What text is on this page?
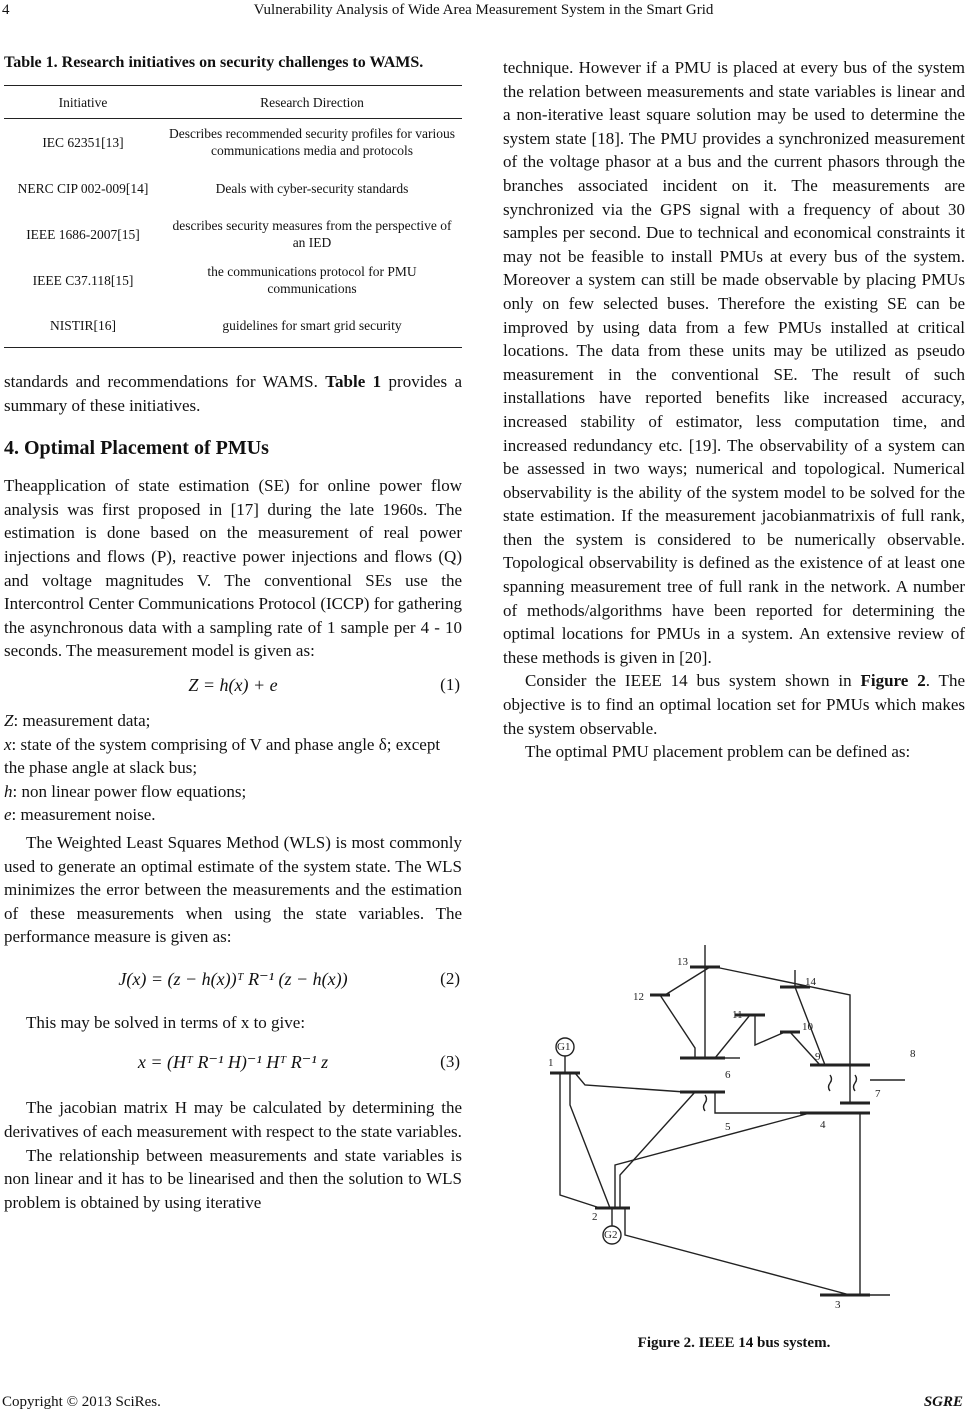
4	Vulnerability Analysis of Wide Area Measurement System in the Smart Grid
Table 1. Research initiatives on security challenges to WAMS.
Initiative	Research Direction
IEC 62351[13]	Describes recommended security profiles for various communications media and protocols
NERC CIP 002-009[14]	Deals with cyber-security standards
IEEE 1686-2007[15]	describes security measures from the perspective of an IED
IEEE C37.118[15]	the communications protocol for PMU communications
NISTIR[16]	guidelines for smart grid security

standards and recommendations for WAMS. Table 1 provides a summary of these initiatives.

4. Optimal Placement of PMUs

Theapplication of state estimation (SE) for online power flow analysis was first proposed in [17] during the late 1960s. The estimation is done based on the measurement of real power injections and flows (P), reactive power injections and flows (Q) and voltage magnitudes V. The conventional SEs use the Intercontrol Center Communications Protocol (ICCP) for gathering the asynchronous data with a sampling rate of 1 sample per 4 - 10 seconds. The measurement model is given as:

Z = h(x) + e	(1)

Z: measurement data;

x: state of the system comprising of V and phase angle δ; except the phase angle at slack bus;

h: non linear power flow equations;

e: measurement noise.

The Weighted Least Squares Method (WLS) is most commonly used to generate an optimal estimate of the system state. The WLS minimizes the error between the measurements and the estimation of these measurements when using the state variables. The performance measure is given as:

J(x) = (z − h(x))ᵀ R⁻¹ (z − h(x))	(2)

This may be solved in terms of x to give:

x = (Hᵀ R⁻¹ H)⁻¹ Hᵀ R⁻¹ z	(3)

The jacobian matrix H may be calculated by determining the derivatives of each measurement with respect to the state variables.

The relationship between measurements and state variables is non linear and it has to be linearised and then the solution to WLS problem is obtained by using iterative

technique. However if a PMU is placed at every bus of the system the relation between measurements and state variables is linear and a non-iterative least square solution may be used to determine the system state [18]. The PMU provides a synchronized measurement of the voltage phasor at a bus and the current phasors through the branches associated incident on it. The measurements are synchronized via the GPS signal with a frequency of about 30 samples per second. Due to technical and economical constraints it may not be feasible to install PMUs at every bus of the system. Moreover a system can still be made observable by placing PMUs only on few selected buses. Therefore the existing SE can be improved by using data from a few PMUs installed at critical locations. The data from these units may be utilized as pseudo measurement in the conventional SE. The result of such installations have reported benefits like increased accuracy, increased stability of estimator, less computation time, and increased redundancy etc. [19]. The observability of a system can be assessed in two ways; numerical and topological. Numerical observability is the ability of the system model to be solved for the state estimation. If the measurement jacobianmatrixis of full rank, then the system is considered to be numerically observable. Topological observability is defined as the existence of at least one spanning measurement tree of full rank in the network. A number of methods/algorithms have been reported for determining the optimal locations for PMUs in a system. An extensive review of these methods is given in [20].

Consider the IEEE 14 bus system shown in Figure 2. The objective is to find an optimal location set for PMUs which makes the system observable.

The optimal PMU placement problem can be defined as:

1
2
3
4
5
6
7
8
9
10
11
12
13
14
G1
G2
Figure 2. IEEE 14 bus system.
Copyright © 2013 SciRes.	SGRE
